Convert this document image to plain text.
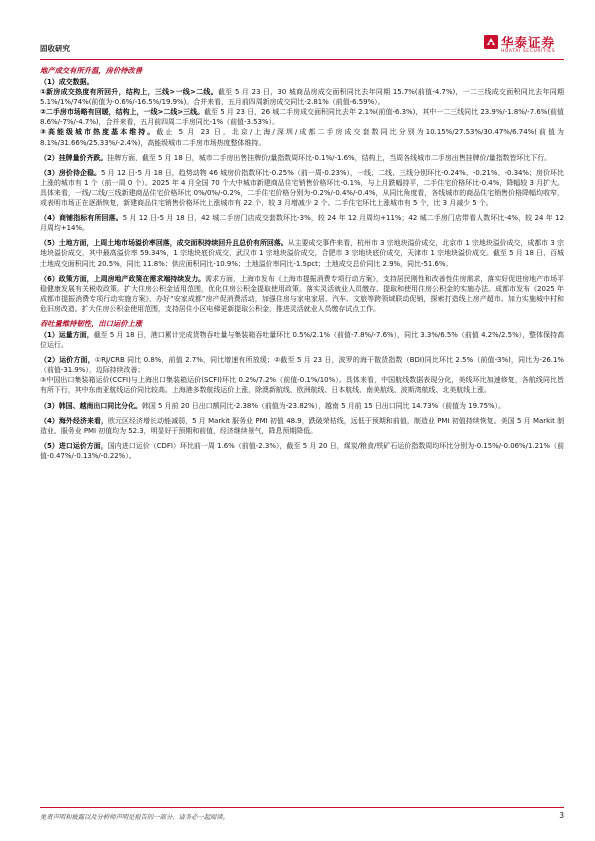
固收研究	华泰证券
HUATAI SECURITIES
地产成交有所升温，房价待改善
（1）成交数据。
①新房成交热度有所回升，结构上，三线>一线>二线。截至 5 月 23 日，30 城商品房成交面积同比去年同期 15.7%(前值-4.7%)，一二三线成交面积同比去年同期 5.1%/1%/74%(前值为-0.6%/-16.5%/19.9%)。合并来看，五月前四周新房成交同比-2.81%（前值-6.59%）。
②二手房市场略有回暖，结构上，一线>二线>三线。截至 5 月 23 日，26 城二手房成交面积同比去年 2.1%(前值-6.3%)，其中一二三线同比 23.9%/-1.8%/-7.6%(前值 8.6%/-7%/-4.7%)，合并来看，五月前四周二手房同比-1%（前值-3.53%）。
③高能级城市热度基本维持。截止 5 月 23 日，北京/上海/深圳/成都二手房成交套数同比分别为10.15%/27.53%/30.47%/6.74%(前值为 8.1%/31.66%/25.33%/-2.4%)，高能级城市二手房市场热度整体维持。
（2）挂牌量价齐跌。挂牌方面，截至 5 月 18 日，城市二手房出售挂牌价/量指数周环比-0.1%/-1.6%，结构上，当周各线城市二手房出售挂牌价/量指数皆环比下行。
（3）房价待企稳。5 月 12 日-5 月 18 日，趋势动物 46 城房价指数环比-0.25%（前一周-0.23%），一线、二线、三线分别环比-0.24%、-0.21%、-0.34%；房价环比上涨的城市有 1 个（前一周 0 个）。2025 年 4 月全国 70 个大中城市新建商品住宅销售价格环比-0.1%，与上月跌幅持平，二手住宅价格环比-0.4%，降幅较 3 月扩大。具体来看，一线/二线/三线新建商品住宅价格环比 0%/0%/-0.2%，二手住宅价格分别为-0.2%/-0.4%/-0.4%，从同比角度看，各线城市的商品住宅销售价格降幅均收窄，或表明市场正在逐渐恢复，新建商品住宅销售价格环比上涨城市有 22 个，较 3 月增减少 2 个。二手住宅环比上涨城市有 5 个，比 3 月减少 5 个。
（4）商铺指标有所回落。5 月 12 日-5 月 18 日，42 城二手房门店成交套数环比-3%，较 24 年 12 月周均+11%；42 城二手房门店带看人数环比-4%，较 24 年 12 月周均+14%。
（5）土地方面，上周土地市场溢价率回落，成交面积持续回升且总价有所回落。从主要成交事件来看，杭州市 3 宗地块溢价成交，北京市 1 宗地块溢价成交，成都市 3 宗地块溢价成交，其中最高溢价率 59.34%，1 宗地块底价成交，武汉市 1 宗地块溢价成交，合肥市 3 宗地块底价成交，天津市 1 宗地块溢价成交。截至 5 月 18 日，百城土地成交面积同比 20.5%，同比 11.8%；供应面积同比-10.9%；土地溢价率同比-1.5pct；土地成交总价同比 2.9%，同比-51.6%。
（6）政策方面，上周房地产政策在需求端持续发力。需求方面，上海市发布《上海市提振消费专项行动方案》，支持居民刚性和改善性住房需求，落实好促进房地产市场平稳健康发展有关税收政策。扩大住房公积金适用范围，优化住房公积金提取使用政策。落实灵活就业人员缴存、提取和使用住房公积金的实施办法。成都市发布《2025 年成都市提振消费专项行动实施方案》，办好“安家成都”房产促消费活动，加强住房与家电家居、汽车、文旅等跨领域联动促销，探索打造线上房产超市。加力实施城中村和危旧房改造。扩大住房公积金使用范围，支持居住小区电梯更新提取公积金，推进灵活就业人员缴存试点工作。
吞吐量维持韧性，出口运价上涨
（1）运量方面，截至 5 月 18 日，港口累计完成货物吞吐量与集装箱吞吐量环比 0.5%/2.1%（前值-7.8%/-7.6%），同比 3.3%/6.5%（前值 4.2%/2.5%），整体保持高位运行。
（2）运价方面，①RJ/CRB 同比 0.8%，前值 2.7%，同比增速有所放缓；②截至 5 月 23 日，波罗的海干散货指数（BDI)同比环比 2.5%（前值-3%)，同比为-26.1%（前值-31.9%），边际持续改善；
③中国出口集装箱运价(CCFI)与上海出口集装箱运价(SCFI)环比 0.2%/7.2%（前值-0.1%/10%）。具体来看，中国航线数据表现分化，美线环比加速修复，各航线同比皆有所下行，其中东南亚航线运价同比较高。上海港多数航线运价上涨，除澳新航线、欧洲航线、日本航线、南美航线、波斯湾航线、北美航线上涨。
（3）韩国、越南出口同比分化。韩国 5 月前 20 日出口额同比-2.38%（前值为-23.82%），越南 5 月前 15 日出口同比 14.73%（前值为 19.75%）。
（4）海外经济来看，欧元区经济增长动能减弱，5 月 Markit 服务业 PMI 初值 48.9，跌破荣枯线，远低于预期和前值，制造业 PMI 初值持续恢复。美国 5 月 Markit 制造业、服务业 PMI 初值均为 52.3，明显好于预期和前值，经济继续景气，降息预期降低。
（5）进口运价方面，国内进口运价（CDFI）环比前一周 1.6%（前值-2.3%），截至 5 月 20 日，煤炭/粮食/铁矿石运价指数周均环比分别为-0.15%/-0.06%/1.21%（前值-0.47%/-0.13%/-0.22%）。
免责声明和披露以及分析师声明是报告的一部分，请务必一起阅读。	3
